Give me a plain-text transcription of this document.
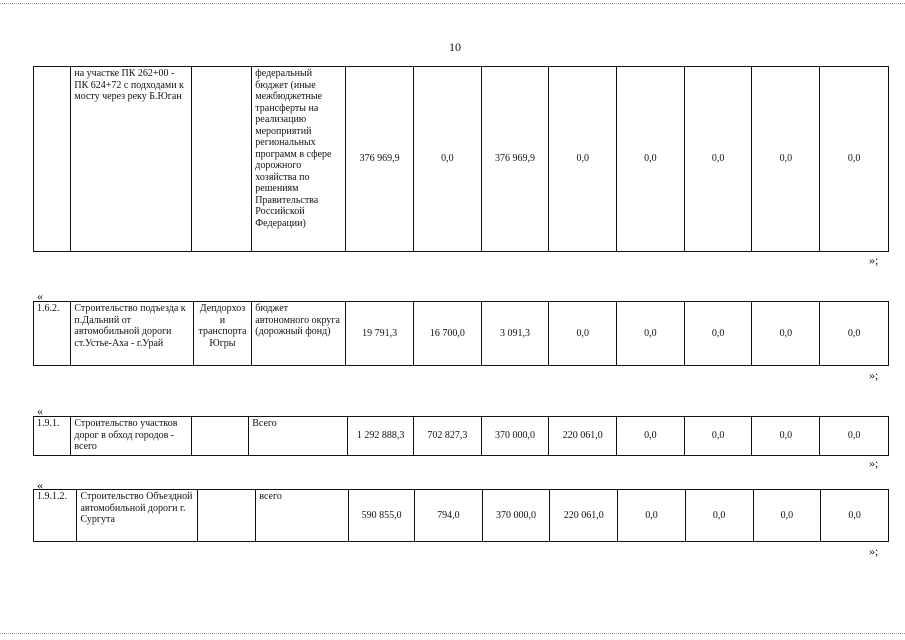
10
	на участке ПК 262+00 - ПК 624+72 с подходами к мосту через реку Б.Юган		федеральный бюджет (иные межбюджетные трансферты на реализацию мероприятий региональных программ в сфере дорожного хозяйства по решениям Правительства Российской Федерации)	376 969,9	0,0	376 969,9	0,0	0,0	0,0	0,0	0,0
»;
«
1.6.2.	Строительство подъезда к п.Дальний от автомобильной дороги ст.Устье-Аха - г.Урай	Депдорхоз и транспорта Югры	бюджет автономного округа (дорожный фонд)	19 791,3	16 700,0	3 091,3	0,0	0,0	0,0	0,0	0,0
»;
«
1.9.1.	Строительство участков дорог в обход городов - всего		Всего	1 292 888,3	702 827,3	370 000,0	220 061,0	0,0	0,0	0,0	0,0
»;
«
1.9.1.2.	Строительство Объездной автомобильной дороги г. Сургута		всего	590 855,0	794,0	370 000,0	220 061,0	0,0	0,0	0,0	0,0
»;
